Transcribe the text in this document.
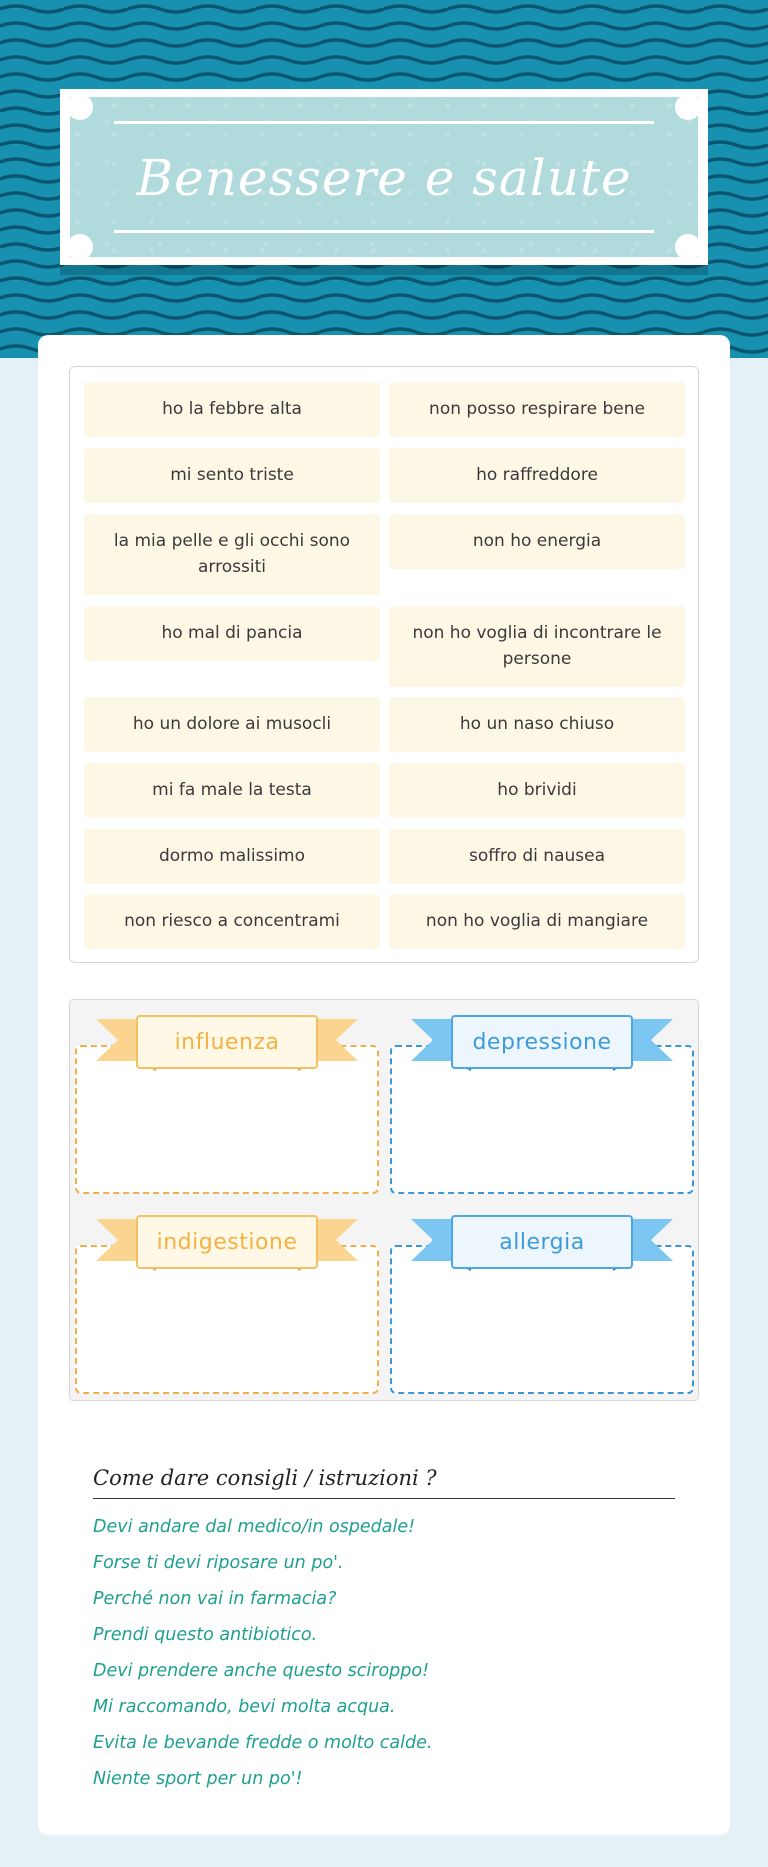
Benessere e salute
ho la febbre alta
mi sento triste
la mia pelle e gli occhi sono arrossiti
ho mal di pancia
ho un dolore ai musocli
mi fa male la testa
dormo malissimo
non riesco a concentrami
non posso respirare bene
ho raffreddore
non ho energia
non ho voglia di incontrare le persone
ho un naso chiuso
ho brividi
soffro di nausea
non ho voglia di mangiare
influenza	depressione
indigestione	allergia
Come dare consigli / istruzioni ?
Devi andare dal medico/in ospedale!
Forse ti devi riposare un po'.
Perché non vai in farmacia?
Prendi questo antibiotico.
Devi prendere anche questo sciroppo!
Mi raccomando, bevi molta acqua.
Evita le bevande fredde o molto calde.
Niente sport per un po'!
